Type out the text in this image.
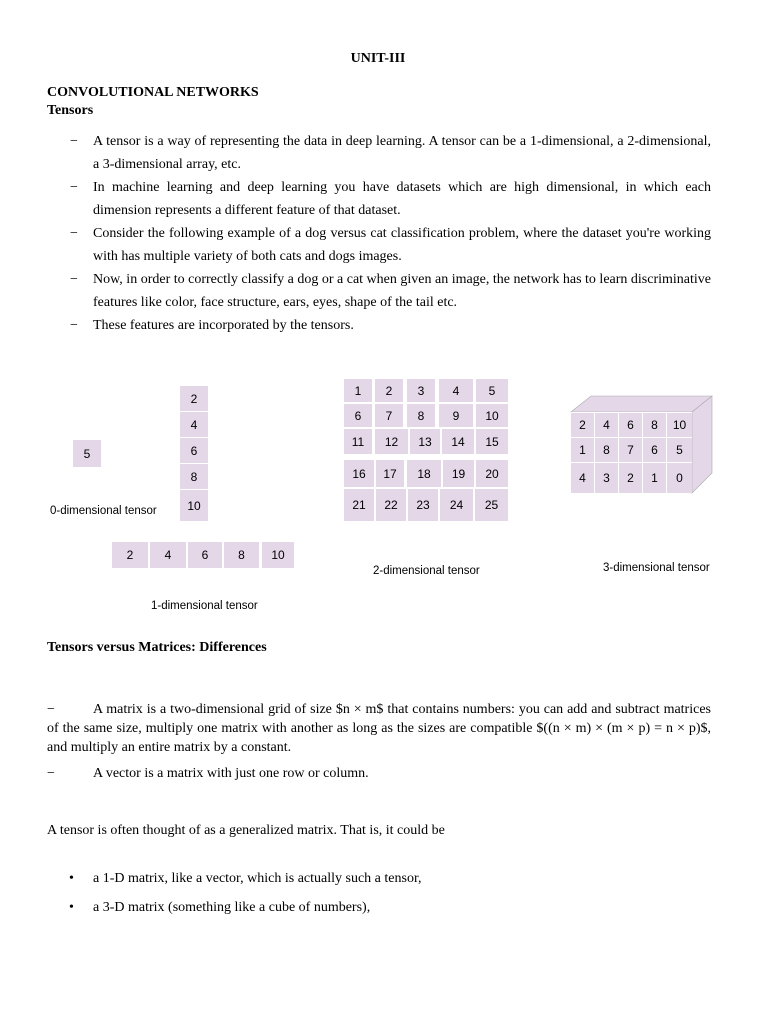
UNIT-III
CONVOLUTIONAL NETWORKS
Tensors
− A tensor is a way of representing the data in deep learning. A tensor can be a 1-dimensional, a 2-dimensional, a 3-dimensional array, etc.
− In machine learning and deep learning you have datasets which are high dimensional, in which each dimension represents a different feature of that dataset.
− Consider the following example of a dog versus cat classification problem, where the dataset you're working with has multiple variety of both cats and dogs images.
− Now, in order to correctly classify a dog or a cat when given an image, the network has to learn discriminative features like color, face structure, ears, eyes, shape of the tail etc.
− These features are incorporated by the tensors.
5
0-dimensional tensor
2
4
6
8
10
2	4	6	8	10
1-dimensional tensor
1	2	3	4	5
6	7	8	9	10
11	12	13	14	15
16	17	18	19	20
21	22	23	24	25
2-dimensional tensor
2	4	6	8	10
1	8	7	6	5
4	3	2	1	0
3-dimensional tensor
Tensors versus Matrices: Differences
−	A matrix is a two-dimensional grid of size $n × m$ that contains numbers: you can add and subtract matrices of the same size, multiply one matrix with another as long as the sizes are compatible $((n × m) × (m × p) = n × p)$, and multiply an entire matrix by a constant.
−	A vector is a matrix with just one row or column.
A tensor is often thought of as a generalized matrix. That is, it could be
• a 1-D matrix, like a vector, which is actually such a tensor,
• a 3-D matrix (something like a cube of numbers),
